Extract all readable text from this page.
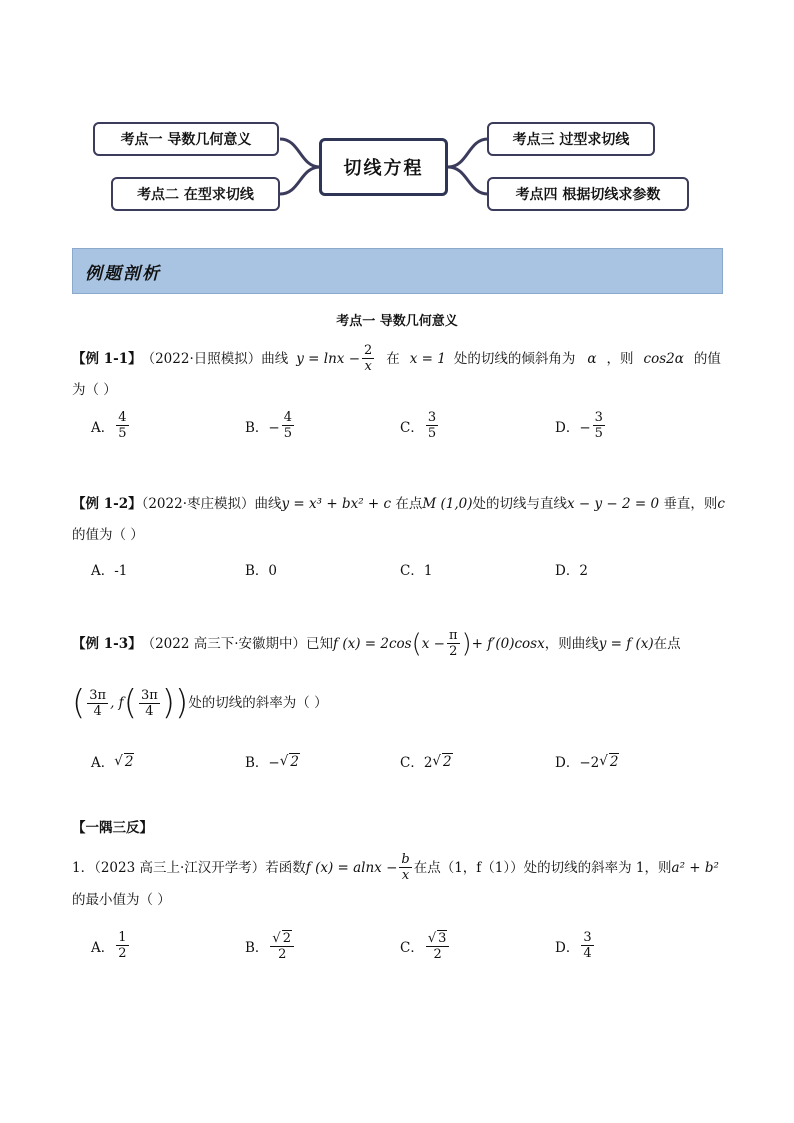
考点一 导数几何意义
考点二 在型求切线
切线方程
考点三 过型求切线
考点四 根据切线求参数
例题剖析
考点一 导数几何意义
【例 1-1】 （2022·日照模拟）曲线 $y = \ln x - \frac{2}{x}$ 在 x = 1 处的切线的倾斜角为 α ，则 cos2α 的值
为（ ）
A． $\frac{4}{5}$	B．− $\frac{4}{5}$	C． $\frac{3}{5}$	D．− $\frac{3}{5}$
【例 1-2】（2022·枣庄模拟）曲线y = x³ + bx² + c 在点M (1,0)处的切线与直线x − y − 2 = 0 垂直，则c
的值为（ ）
A．-1	B．0	C．1	D．2
【例 1-3】 （2022 高三下·安徽期中）已知 f (x) = 2cos ( $x - \frac{\pi}{2}$ ) + f′(0)cosx ，则曲线 y = f (x) 在点
( $\frac{3\pi}{4}$ , f ( $\frac{3\pi}{4}$ )) 处的切线的斜率为（ ）
A． √ 2	B．− √ 2	C．2 √ 2	D．−2 √ 2
【一隅三反】
1．（2023 高三上·江汉开学考）若函数 f $(x) = alnx - \frac{b}{x}$ 在点（1，f（1））处的切线的斜率为 1，则 a² + b²
的最小值为（ ）
A． $\frac{1}{2}$	B． $\frac{√ 2}{2}$	C． $\frac{√ 3}{2}$	D． $\frac{3}{4}$
